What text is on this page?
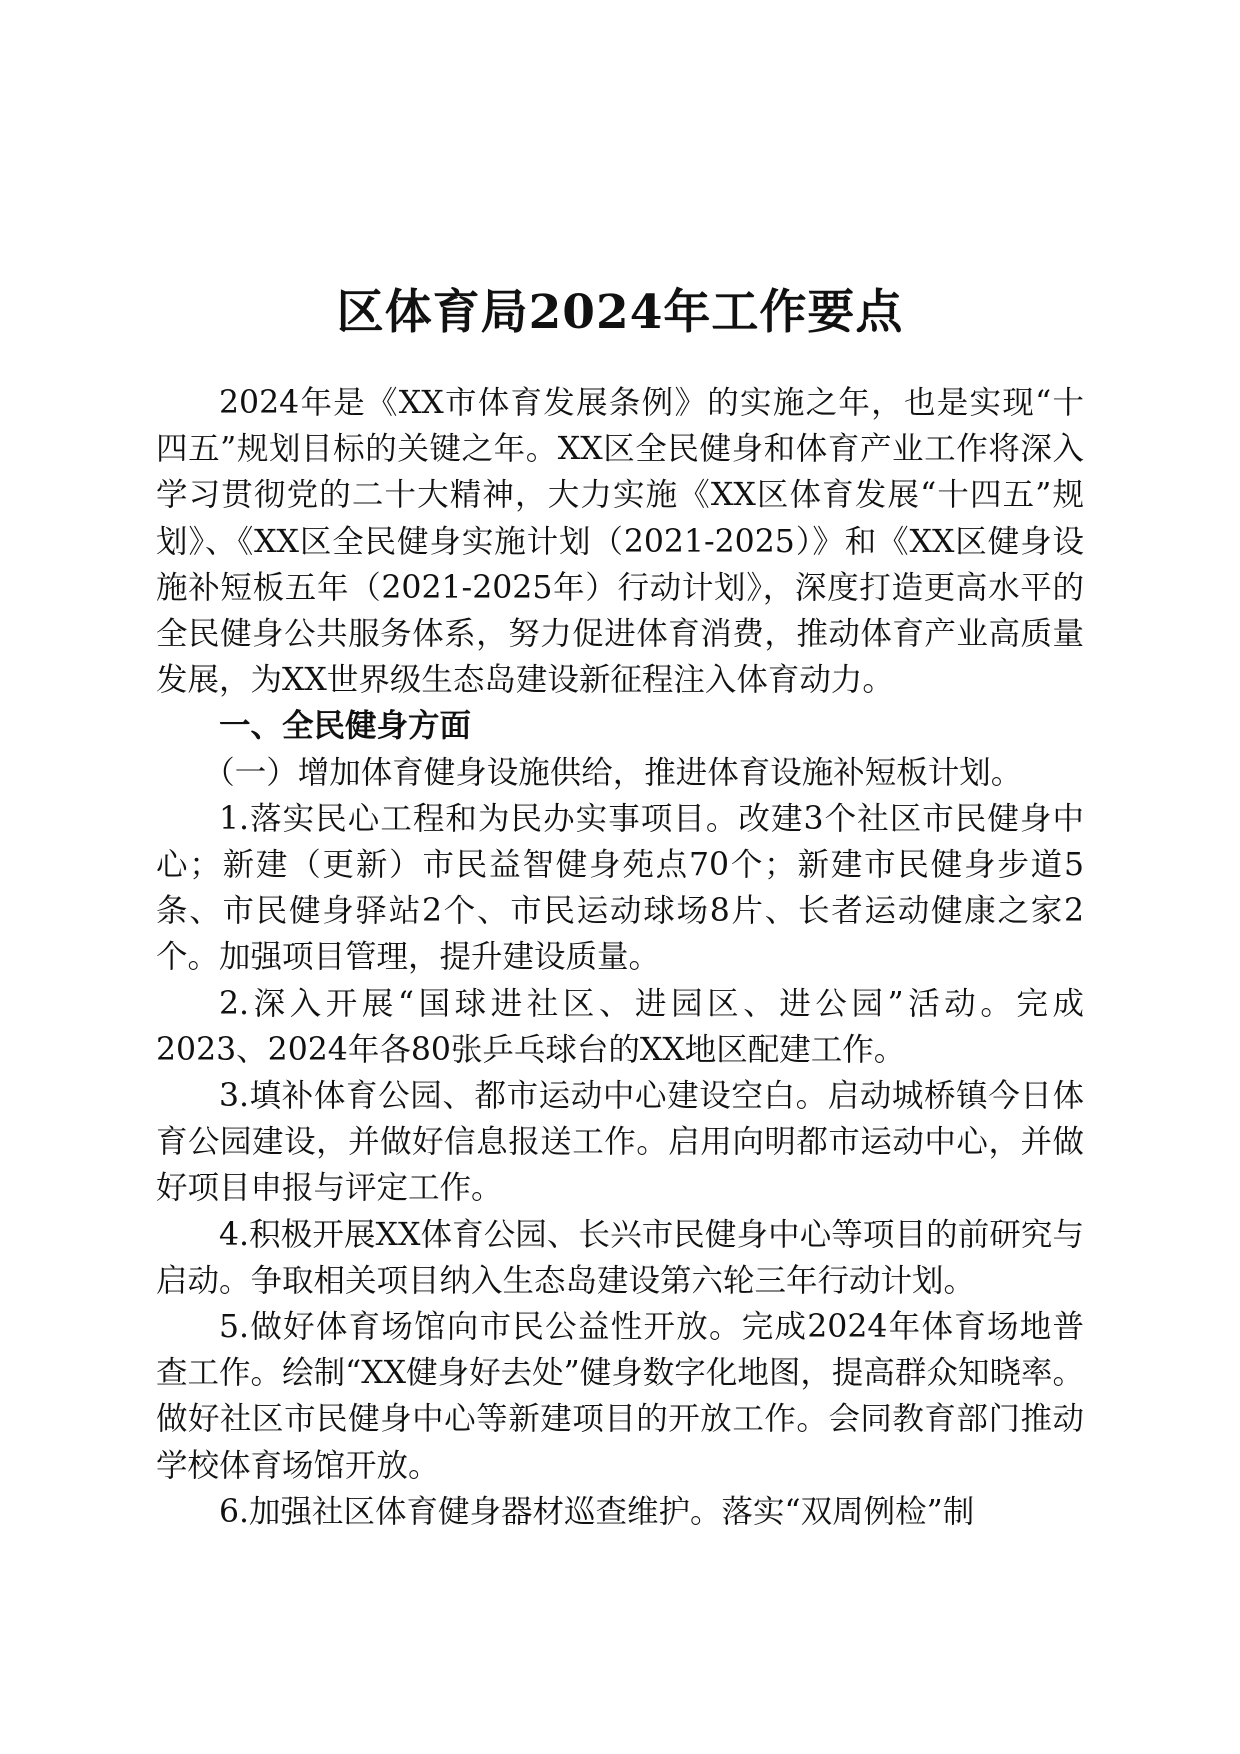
区体育局2024年工作要点

2024年是《XX市体育发展条例》的实施之年，也是实现“十四五”规划目标的关键之年。XX区全民健身和体育产业工作将深入学习贯彻党的二十大精神，大力实施《XX区体育发展“十四五”规划》、《XX区全民健身实施计划（2021-2025）》和《XX区健身设施补短板五年（2021-2025年）行动计划》，深度打造更高水平的全民健身公共服务体系，努力促进体育消费，推动体育产业高质量发展，为XX世界级生态岛建设新征程注入体育动力。

一、全民健身方面

（一）增加体育健身设施供给，推进体育设施补短板计划。

1.落实民心工程和为民办实事项目。改建3个社区市民健身中心；新建（更新）市民益智健身苑点70个；新建市民健身步道5条、市民健身驿站2个、市民运动球场8片、长者运动健康之家2个。加强项目管理，提升建设质量。

2.深入开展“国球进社区、进园区、进公园”活动。完成2023、2024年各80张乒乓球台的XX地区配建工作。

3.填补体育公园、都市运动中心建设空白。启动城桥镇今日体育公园建设，并做好信息报送工作。启用向明都市运动中心，并做好项目申报与评定工作。

4.积极开展XX体育公园、长兴市民健身中心等项目的前研究与启动。争取相关项目纳入生态岛建设第六轮三年行动计划。

5.做好体育场馆向市民公益性开放。完成2024年体育场地普查工作。绘制“XX健身好去处”健身数字化地图，提高群众知晓率。做好社区市民健身中心等新建项目的开放工作。会同教育部门推动学校体育场馆开放。

6.加强社区体育健身器材巡查维护。落实“双周例检”制
